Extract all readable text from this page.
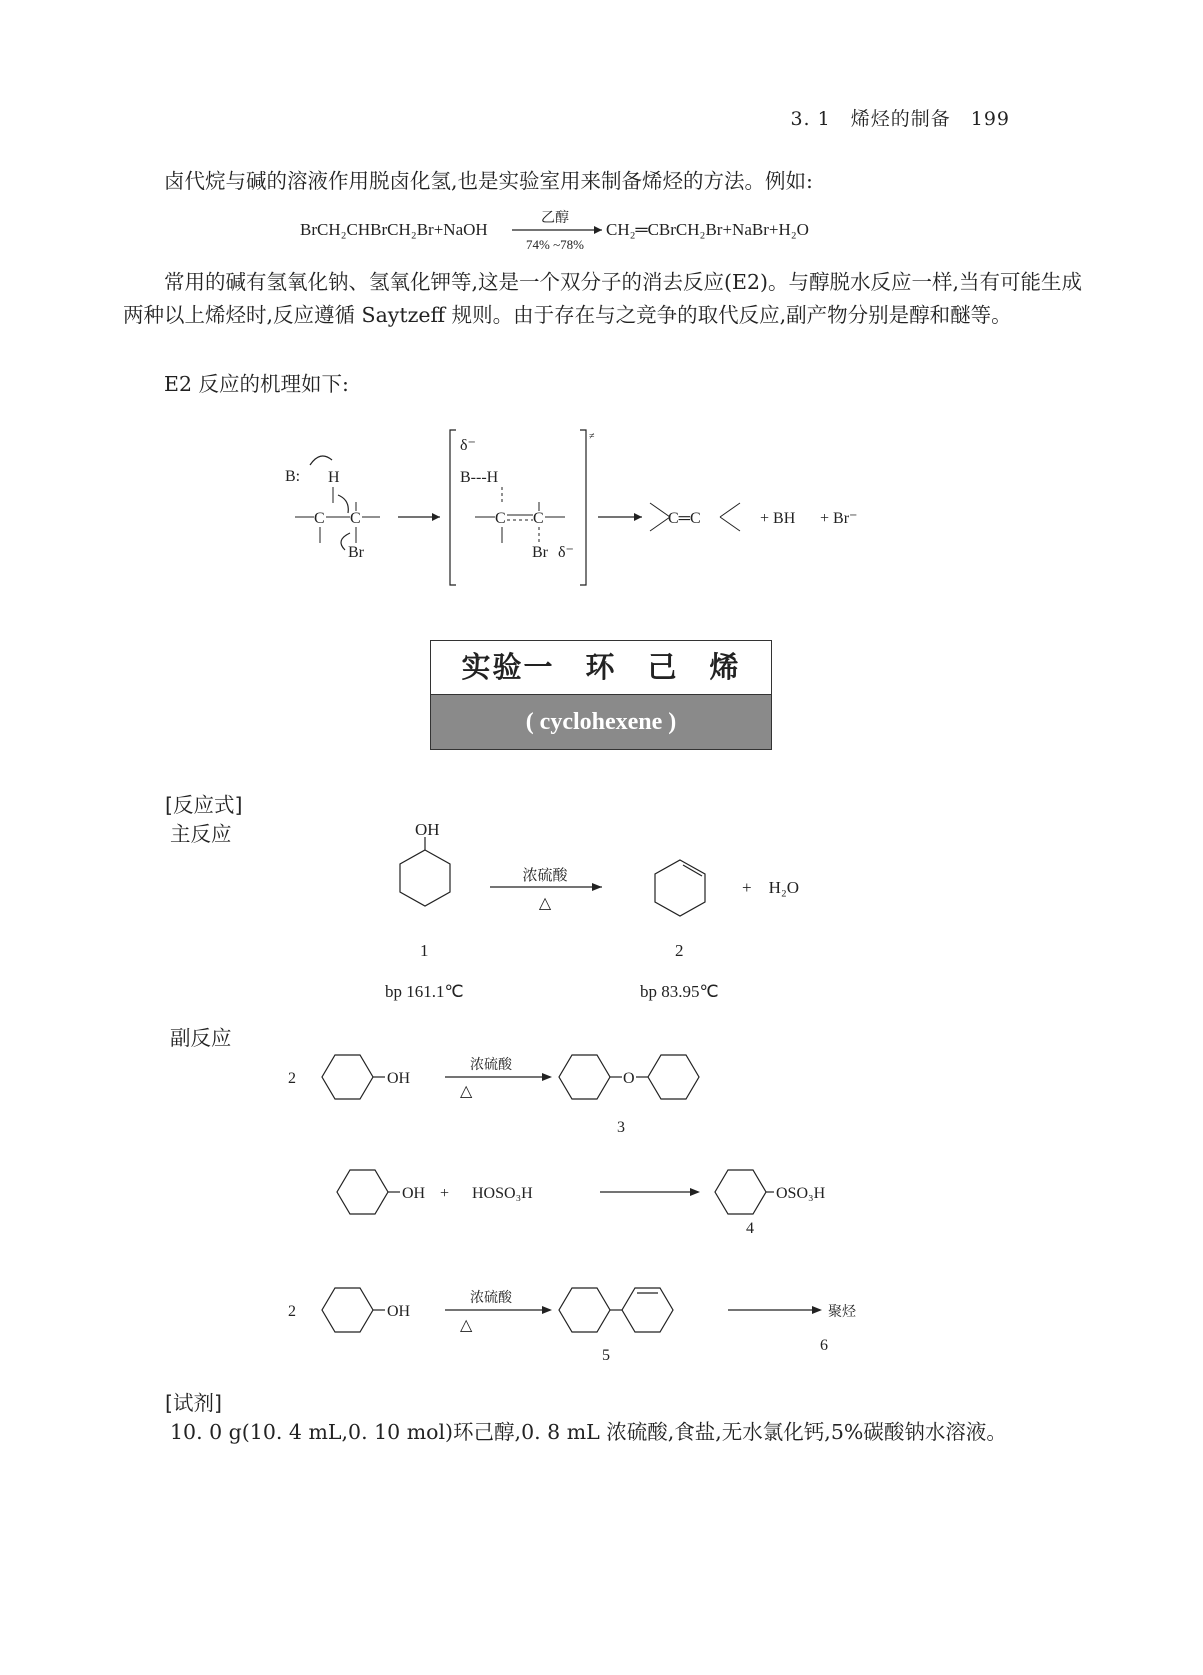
3. 1　烯烃的制备　199
卤代烷与碱的溶液作用脱卤化氢,也是实验室用来制备烯烃的方法。例如:
BrCH₂CHBrCH₂Br+NaOH
乙醇
74% ~78%
CH₂═CBrCH₂Br+NaBr+H₂O
常用的碱有氢氧化钠、氢氧化钾等,这是一个双分子的消去反应(E2)。与醇脱水反应一样,当有可能生成两种以上烯烃时,反应遵循 Saytzeff 规则。由于存在与之竞争的取代反应,副产物分别是醇和醚等。
E2 反应的机理如下:
B: H
C C
Br
δ⁻
B---H
C C
Br δ⁻
≠
C═C	+ BH + Br⁻
实验一　环　己　烯
( cyclohexene )
[反应式]
主反应	OH
浓硫酸
△
+　H₂O
1	2
bp 161.1℃	bp 83.95℃
副反应
2	OH
浓硫酸
△
O
3
OH + HOSO₃H	OSO₃H
4
2	OH
浓硫酸
△
5
聚烃
6
[试剂]
10. 0 g(10. 4 mL,0. 10 mol)环己醇,0. 8 mL 浓硫酸,食盐,无水氯化钙,5%碳酸钠水溶液。
